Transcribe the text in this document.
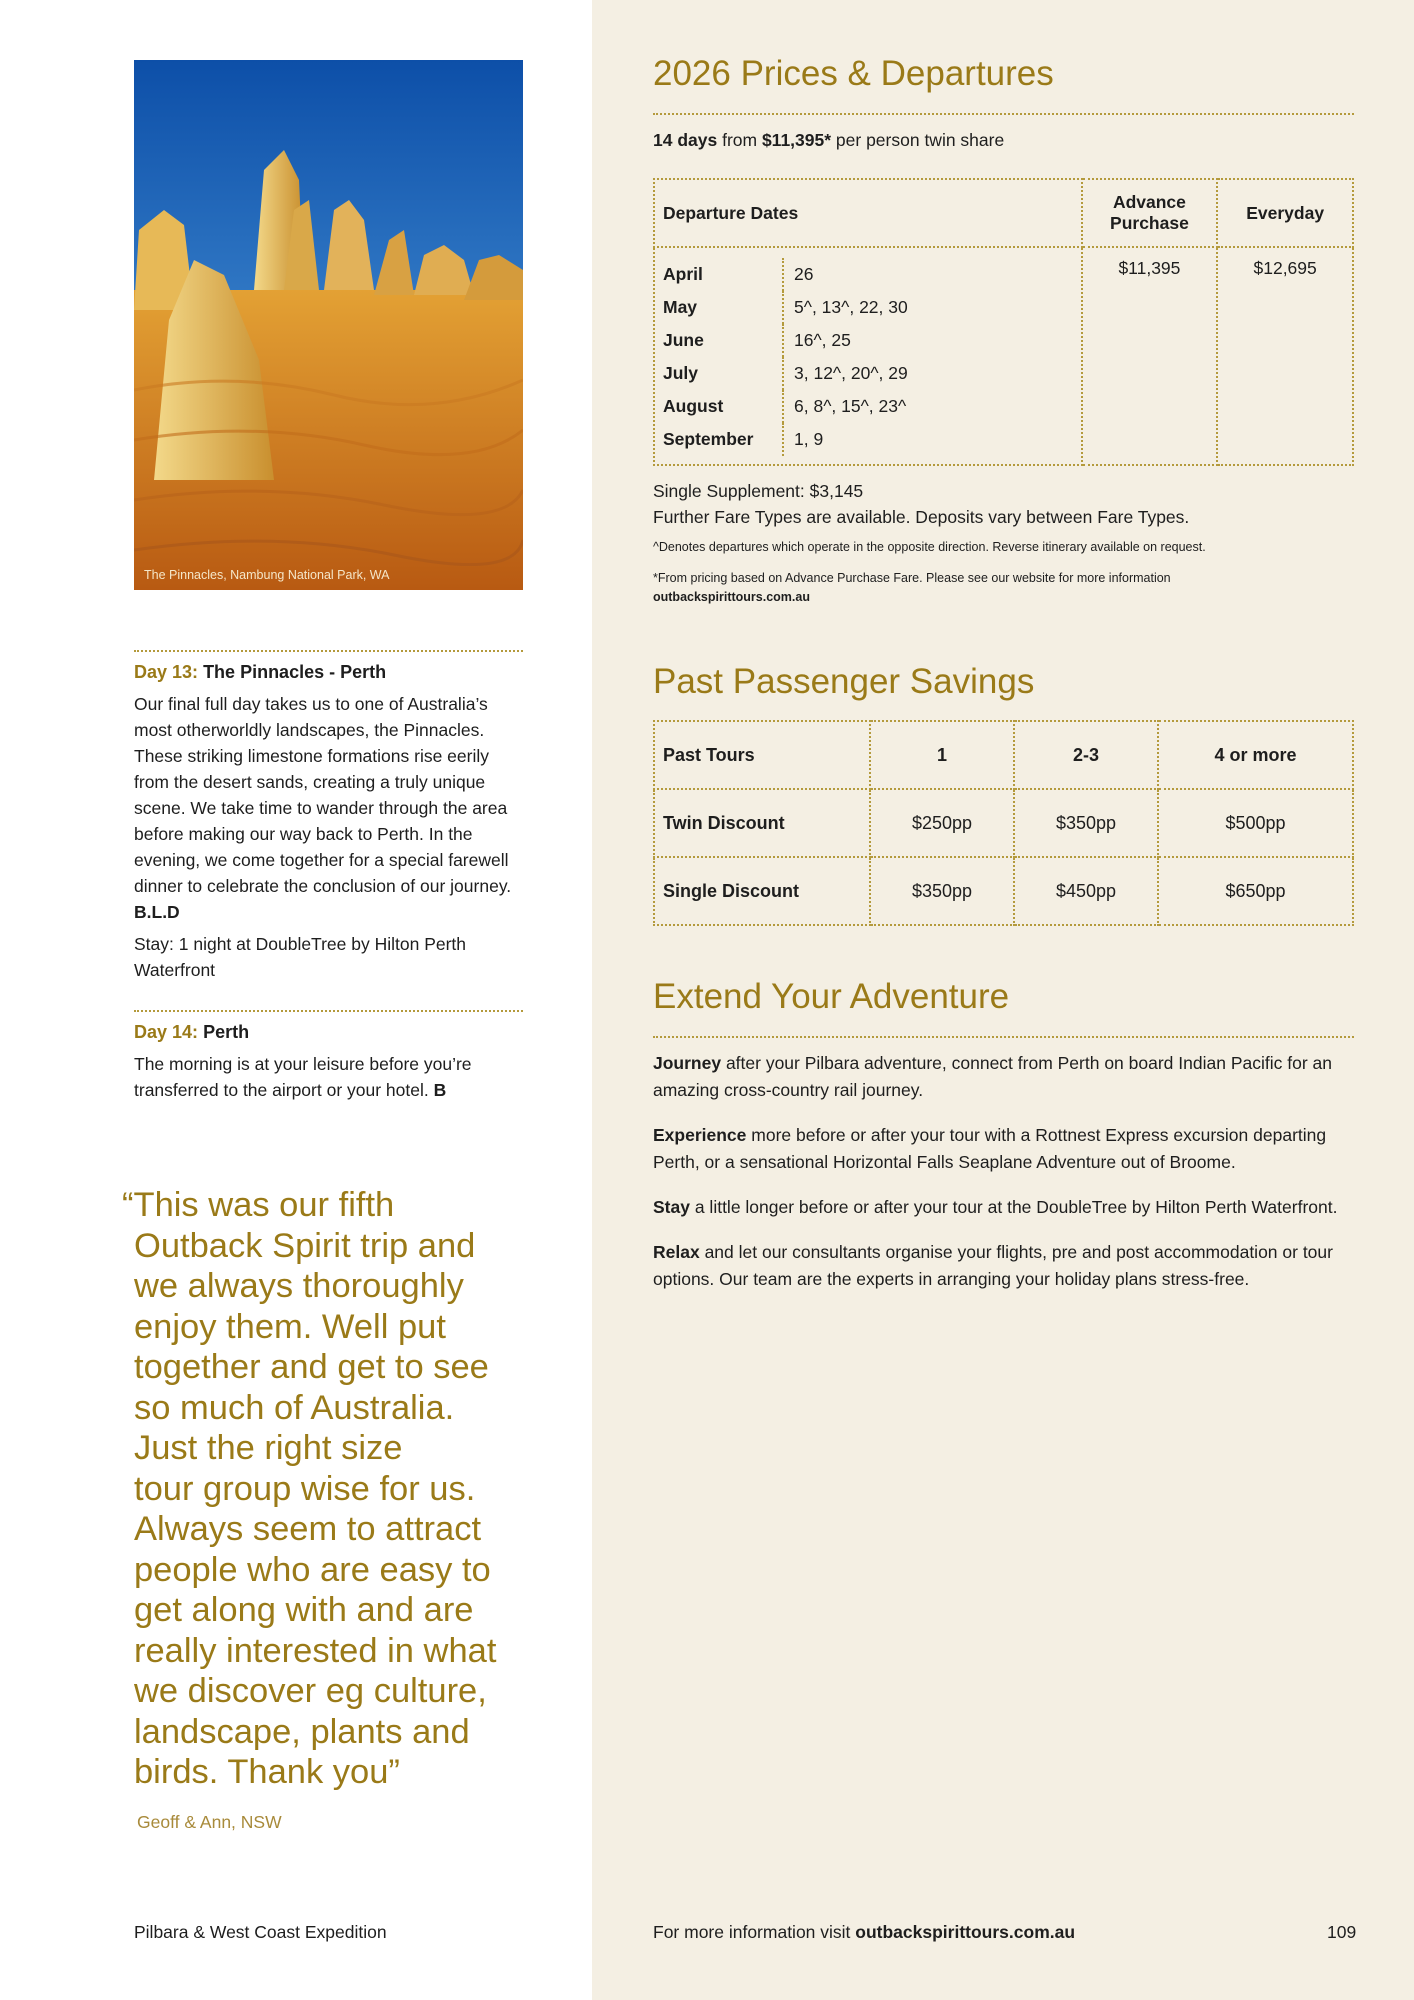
The Pinnacles, Nambung National Park, WA
Day 13: The Pinnacles - Perth
Our final full day takes us to one of Australia’s most otherworldly landscapes, the Pinnacles. These striking limestone formations rise eerily from the desert sands, creating a truly unique scene. We take time to wander through the area before making our way back to Perth. In the evening, we come together for a special farewell dinner to celebrate the conclusion of our journey. B.L.D
Stay: 1 night at DoubleTree by Hilton Perth Waterfront
Day 14: Perth
The morning is at your leisure before you’re transferred to the airport or your hotel. B
“This was our fifth
Outback Spirit trip and
we always thoroughly
enjoy them. Well put
together and get to see
so much of Australia.
Just the right size
tour group wise for us.
Always seem to attract
people who are easy to
get along with and are
really interested in what
we discover eg culture,
landscape, plants and
birds. Thank you”
Geoff & Ann, NSW
Pilbara & West Coast Expedition
2026 Prices & Departures
14 days from $11,395* per person twin share
Departure Dates	
Advance
Purchase
	Everyday

April	26
May	5^, 13^, 22, 30
June	16^, 25
July	3, 12^, 20^, 29
August	6, 8^, 15^, 23^
September	1, 9
	$11,395	$12,695
Single Supplement: $3,145
Further Fare Types are available. Deposits vary between Fare Types.
^Denotes departures which operate in the opposite direction. Reverse itinerary available on request.
*From pricing based on Advance Purchase Fare. Please see our website for more information
outbackspirittours.com.au
Past Passenger Savings
Past Tours	1	2-3	4 or more
Twin Discount	$250pp	$350pp	$500pp
Single Discount	$350pp	$450pp	$650pp
Extend Your Adventure

Journey after your Pilbara adventure, connect from Perth on board Indian Pacific for an amazing cross-country rail journey.

Experience more before or after your tour with a Rottnest Express excursion departing Perth, or a sensational Horizontal Falls Seaplane Adventure out of Broome.

Stay a little longer before or after your tour at the DoubleTree by Hilton Perth Waterfront.

Relax and let our consultants organise your flights, pre and post accommodation or tour options. Our team are the experts in arranging your holiday plans stress-free.

For more information visit outbackspirittours.com.au	109
